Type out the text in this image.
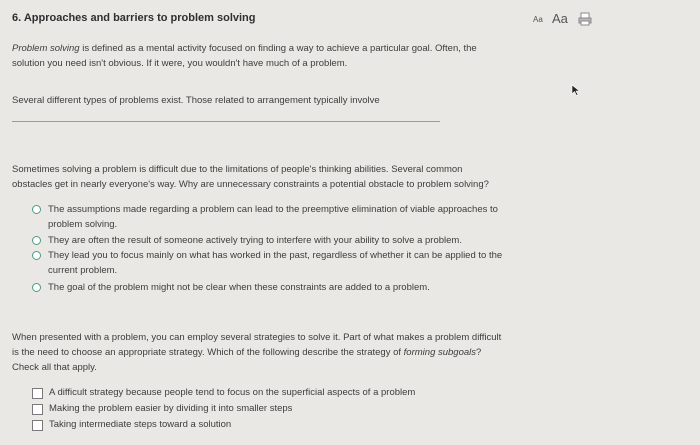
6. Approaches and barriers to problem solving	Aa Aa
Problem solving is defined as a mental activity focused on finding a way to achieve a particular goal. Often, the
solution you need isn't obvious. If it were, you wouldn't have much of a problem.
Several different types of problems exist. Those related to arrangement typically involve
Sometimes solving a problem is difficult due to the limitations of people's thinking abilities. Several common
obstacles get in nearly everyone's way. Why are unnecessary constraints a potential obstacle to problem solving?
The assumptions made regarding a problem can lead to the preemptive elimination of viable approaches to
problem solving.
They are often the result of someone actively trying to interfere with your ability to solve a problem.
They lead you to focus mainly on what has worked in the past, regardless of whether it can be applied to the
current problem.
The goal of the problem might not be clear when these constraints are added to a problem.
When presented with a problem, you can employ several strategies to solve it. Part of what makes a problem difficult
is the need to choose an appropriate strategy. Which of the following describe the strategy of forming subgoals?
Check all that apply.
A difficult strategy because people tend to focus on the superficial aspects of a problem
Making the problem easier by dividing it into smaller steps
Taking intermediate steps toward a solution
